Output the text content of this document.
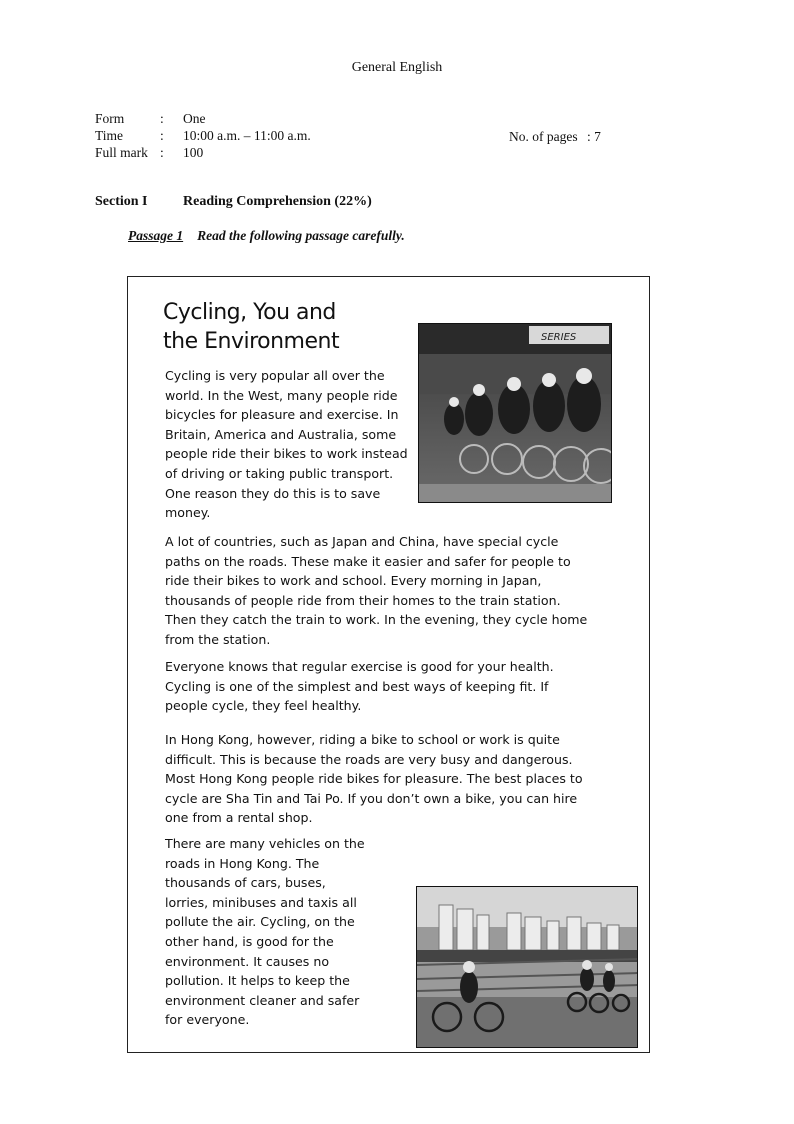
General English
Form	: One
Time	: 10:00 a.m. – 11:00 a.m.
Full mark : 100
No. of pages : 7
Section I	Reading Comprehension (22%)
Passage 1 Read the following passage carefully.
Cycling, You and
the Environment	SERIES

Cycling is very popular all over the world. In the West, many people ride bicycles for pleasure and exercise. In Britain, America and Australia, some people ride their bikes to work instead of driving or taking public transport. One reason they do this is to save money.

A lot of countries, such as Japan and China, have special cycle paths on the roads. These make it easier and safer for people to ride their bikes to work and school. Every morning in Japan, thousands of people ride from their homes to the train station. Then they catch the train to work. In the evening, they cycle home from the station.

Everyone knows that regular exercise is good for your health. Cycling is one of the simplest and best ways of keeping fit. If people cycle, they feel healthy.

In Hong Kong, however, riding a bike to school or work is quite difficult. This is because the roads are very busy and dangerous. Most Hong Kong people ride bikes for pleasure. The best places to cycle are Sha Tin and Tai Po. If you don’t own a bike, you can hire one from a rental shop.

There are many vehicles on the roads in Hong Kong. The thousands of cars, buses, lorries, minibuses and taxis all pollute the air. Cycling, on the other hand, is good for the environment. It causes no pollution. It helps to keep the environment cleaner and safer for everyone.
